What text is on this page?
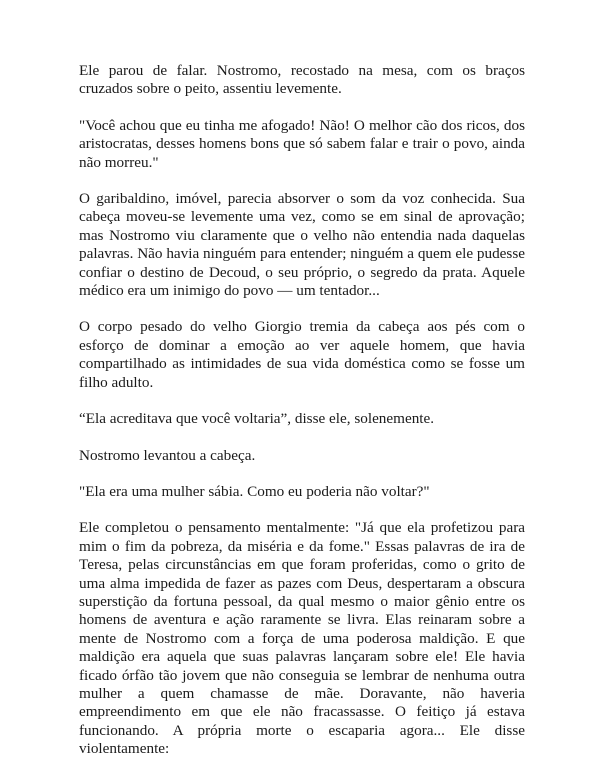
Ele parou de falar. Nostromo, recostado na mesa, com os braços cruzados sobre o peito, assentiu levemente.

"Você achou que eu tinha me afogado! Não! O melhor cão dos ricos, dos aristocratas, desses homens bons que só sabem falar e trair o povo, ainda não morreu."

O garibaldino, imóvel, parecia absorver o som da voz conhecida. Sua cabeça moveu-se levemente uma vez, como se em sinal de aprovação; mas Nostromo viu claramente que o velho não entendia nada daquelas palavras. Não havia ninguém para entender; ninguém a quem ele pudesse confiar o destino de Decoud, o seu próprio, o segredo da prata. Aquele médico era um inimigo do povo — um tentador...

O corpo pesado do velho Giorgio tremia da cabeça aos pés com o esforço de dominar a emoção ao ver aquele homem, que havia compartilhado as intimidades de sua vida doméstica como se fosse um filho adulto.

“Ela acreditava que você voltaria”, disse ele, solenemente.

Nostromo levantou a cabeça.

"Ela era uma mulher sábia. Como eu poderia não voltar?"

Ele completou o pensamento mentalmente: "Já que ela profetizou para mim o fim da pobreza, da miséria e da fome." Essas palavras de ira de Teresa, pelas circunstâncias em que foram proferidas, como o grito de uma alma impedida de fazer as pazes com Deus, despertaram a obscura superstição da fortuna pessoal, da qual mesmo o maior gênio entre os homens de aventura e ação raramente se livra. Elas reinaram sobre a mente de Nostromo com a força de uma poderosa maldição. E que maldição era aquela que suas palavras lançaram sobre ele! Ele havia ficado órfão tão jovem que não conseguia se lembrar de nenhuma outra mulher a quem chamasse de mãe. Doravante, não haveria empreendimento em que ele não fracassasse. O feitiço já estava funcionando. A própria morte o escaparia agora... Ele disse violentamente:
